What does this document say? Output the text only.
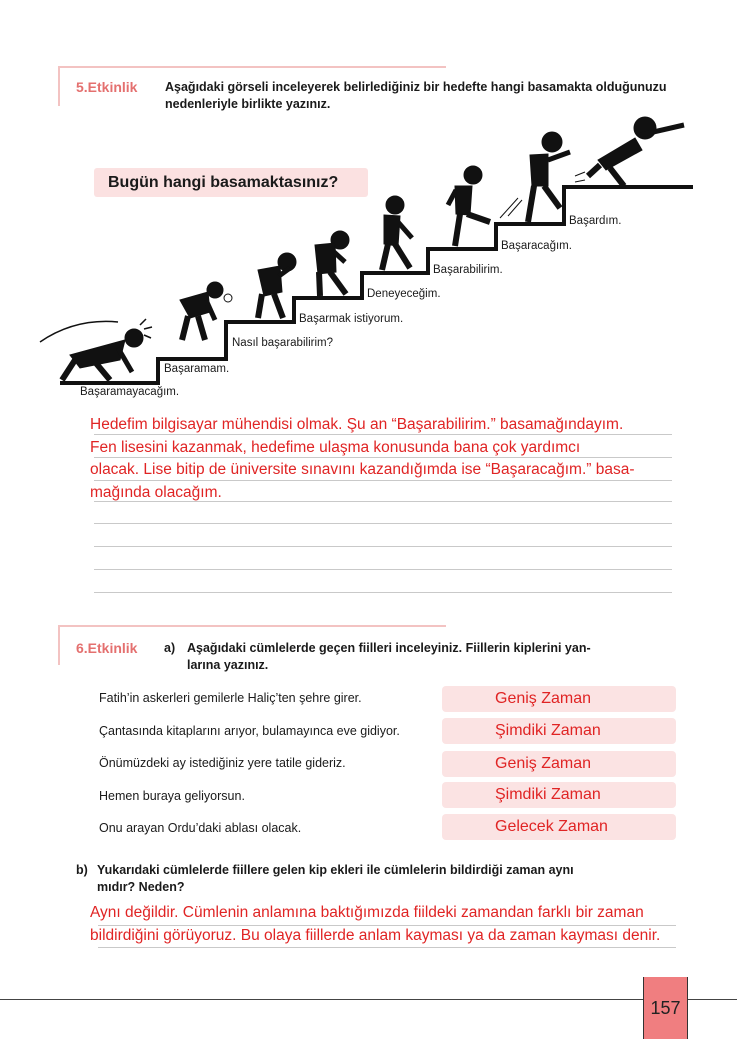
5.Etkinlik Aşağıdaki görseli inceleyerek belirlediğiniz bir hedefte hangi basamakta olduğunuzu nedenleriyle birlikte yazınız.
Bugün hangi basamaktasınız?
Başaramayacağım.
Başaramam.
Nasıl başarabilirim?
Başarmak istiyorum.
Deneyeceğim.
Başarabilirim.
Başaracağım.
Başardım.
Hedefim bilgisayar mühendisi olmak. Şu an “Başarabilirim.” basamağındayım.
Fen lisesini kazanmak, hedefime ulaşma konusunda bana çok yardımcı
olacak. Lise bitip de üniversite sınavını kazandığımda ise “Başaracağım.” basa-
mağında olacağım.
6.Etkinlik a) Aşağıdaki cümlelerde geçen fiilleri inceleyiniz. Fiillerin kiplerini yan-
larına yazınız.
Fatih’in askerleri gemilerle Haliç’ten şehre girer.	Geniş Zaman
Çantasında kitaplarını arıyor, bulamayınca eve gidiyor.	Şimdiki Zaman
Önümüzdeki ay istediğiniz yere tatile gideriz.	Geniş Zaman
Hemen buraya geliyorsun.	Şimdiki Zaman
Onu arayan Ordu’daki ablası olacak.	Gelecek Zaman
b) Yukarıdaki cümlelerde fiillere gelen kip ekleri ile cümlelerin bildirdiği zaman aynı
mıdır? Neden?
Aynı değildir. Cümlenin anlamına baktığımızda fiildeki zamandan farklı bir zaman
bildirdiğini görüyoruz. Bu olaya fiillerde anlam kayması ya da zaman kayması denir.
157
